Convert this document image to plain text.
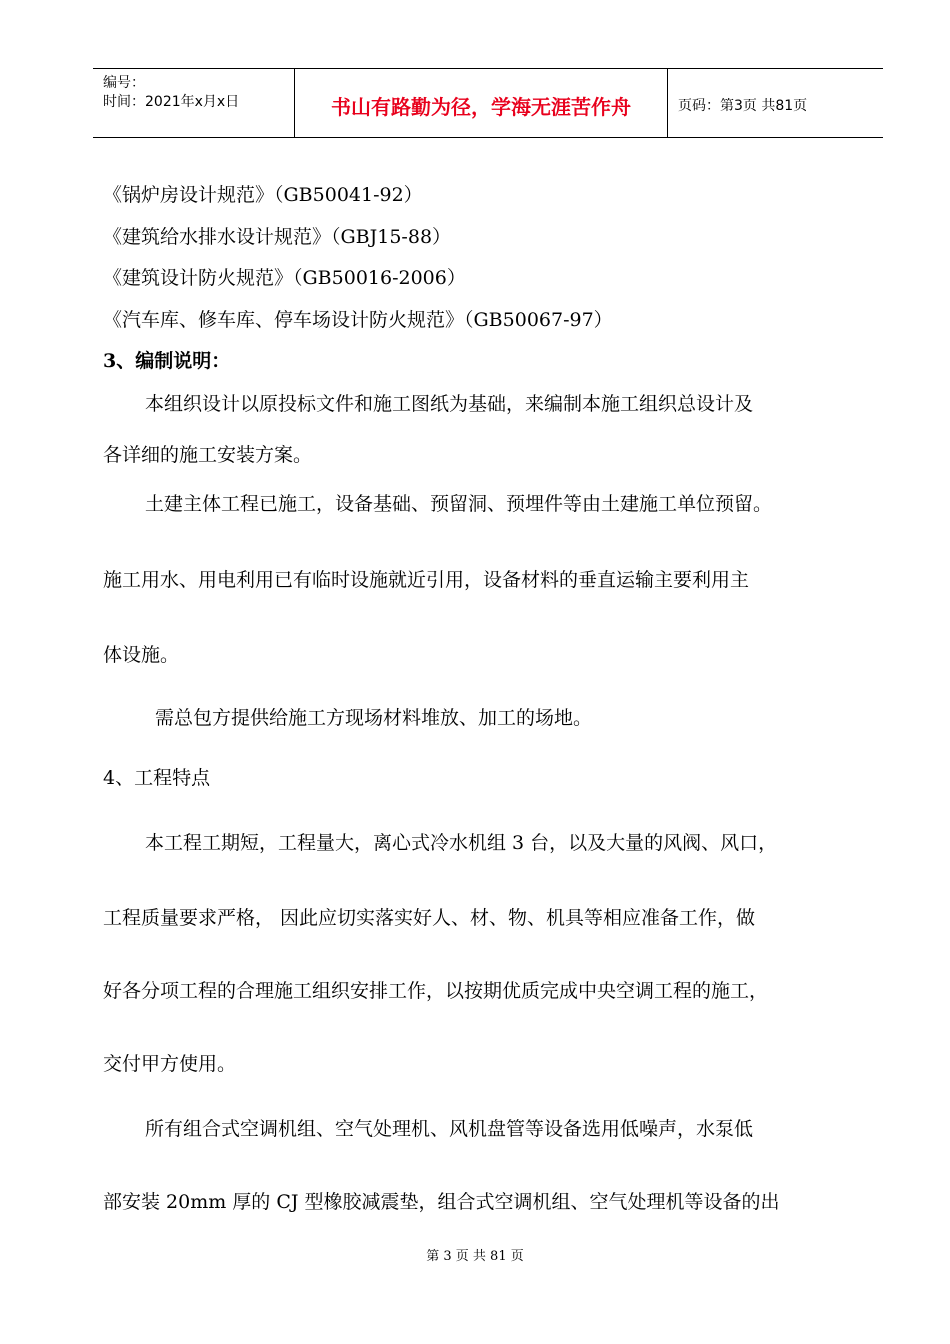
编号：
时间：2021年x月x日	书山有路勤为径，学海无涯苦作舟	页码：第3页 共81页
《锅炉房设计规范》（GB50041-92）
《建筑给水排水设计规范》（GBJ15-88）
《建筑设计防火规范》（GB50016-2006）
《汽车库、修车库、停车场设计防火规范》（GB50067-97）
3、编制说明：
本组织设计以原投标文件和施工图纸为基础，来编制本施工组织总设计及
各详细的施工安装方案。
土建主体工程已施工，设备基础、预留洞、预埋件等由土建施工单位预留。
施工用水、用电利用已有临时设施就近引用，设备材料的垂直运输主要利用主
体设施。
需总包方提供给施工方现场材料堆放、加工的场地。
4、工程特点
本工程工期短，工程量大，离心式冷水机组 3 台，以及大量的风阀、风口，
工程质量要求严格， 因此应切实落实好人、材、物、机具等相应准备工作，做
好各分项工程的合理施工组织安排工作，以按期优质完成中央空调工程的施工，
交付甲方使用。
所有组合式空调机组、空气处理机、风机盘管等设备选用低噪声，水泵低
部安装 20mm 厚的 CJ 型橡胶减震垫，组合式空调机组、空气处理机等设备的出
第 3 页 共 81 页
